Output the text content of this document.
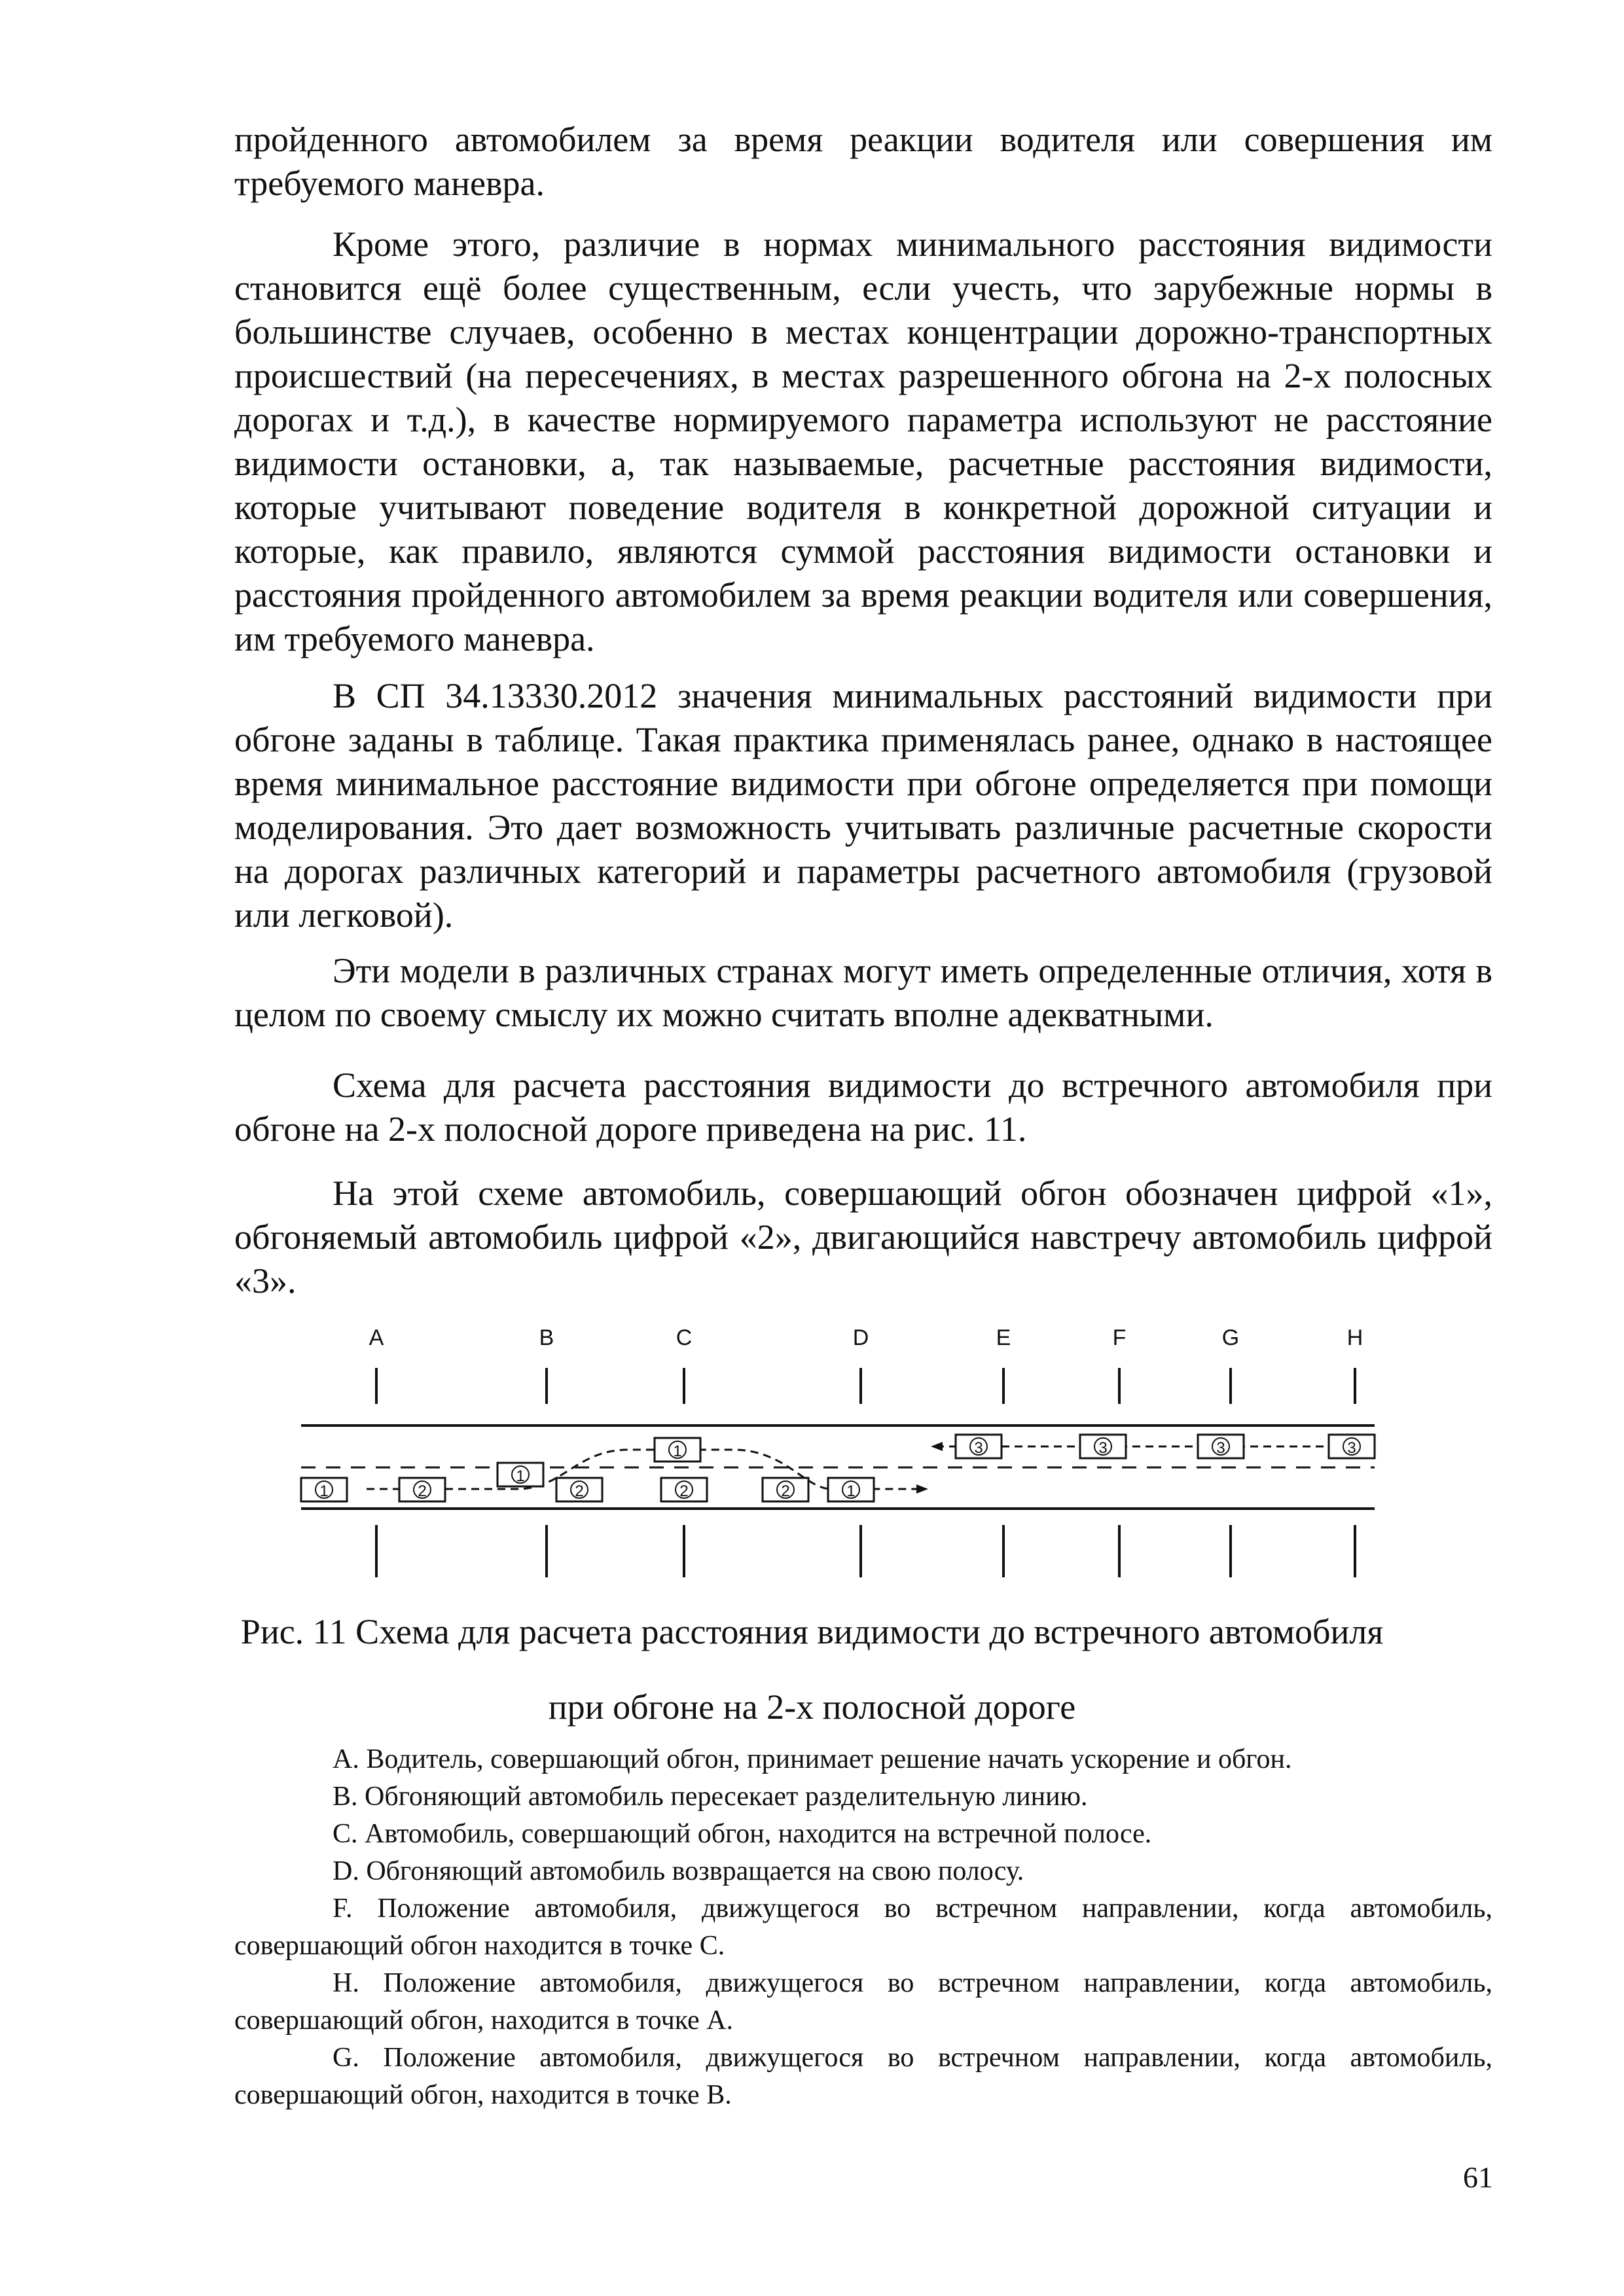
пройденного автомобилем за время реакции водителя или совершения им требуемого маневра.

Кроме этого, различие в нормах минимального расстояния видимости становится ещё более существенным, если учесть, что зарубежные нормы в большинстве случаев, особенно в местах концентрации дорожно-транспортных происшествий (на пересечениях, в местах разрешенного обгона на 2-х полосных дорогах и т.д.), в качестве нормируемого параметра используют не расстояние видимости остановки, а, так называемые, расчетные расстояния видимости, которые учитывают поведение водителя в конкретной дорожной ситуации и которые, как правило, являются суммой расстояния видимости остановки и расстояния пройденного автомобилем за время реакции водителя или совершения, им требуемого маневра.

В СП 34.13330.2012 значения минимальных расстояний видимости при обгоне заданы в таблице. Такая практика применялась ранее, однако в настоящее время минимальное расстояние видимости при обгоне определяется при помощи моделирования. Это дает возможность учитывать различные расчетные скорости на дорогах различных категорий и параметры расчетного автомобиля (грузовой или легковой).

Эти модели в различных странах могут иметь определенные отличия, хотя в целом по своему смыслу их можно считать вполне адекватными.

Схема для расчета расстояния видимости до встречного автомобиля при обгоне на 2-х полосной дороге приведена на рис. 11.

На этой схеме автомобиль, совершающий обгон обозначен цифрой «1», обгоняемый автомобиль цифрой «2», двигающийся навстречу автомобиль цифрой «3».

A	B	C	D	E	F	G	H
1	2
1
2
1
2	2	1
3	3	3	3

Рис. 11 Схема для расчета расстояния видимости до встречного автомобиля

при обгоне на 2-х полосной дороге

А. Водитель, совершающий обгон, принимает решение начать ускорение и обгон.

В. Обгоняющий автомобиль пересекает разделительную линию.

С. Автомобиль, совершающий обгон, находится на встречной полосе.

D. Обгоняющий автомобиль возвращается на свою полосу.

F. Положение автомобиля, движущегося во встречном направлении, когда автомобиль, совершающий обгон находится в точке С.

Н. Положение автомобиля, движущегося во встречном направлении, когда автомобиль, совершающий обгон, находится в точке А.

G. Положение автомобиля, движущегося во встречном направлении, когда автомобиль, совершающий обгон, находится в точке В.

61
